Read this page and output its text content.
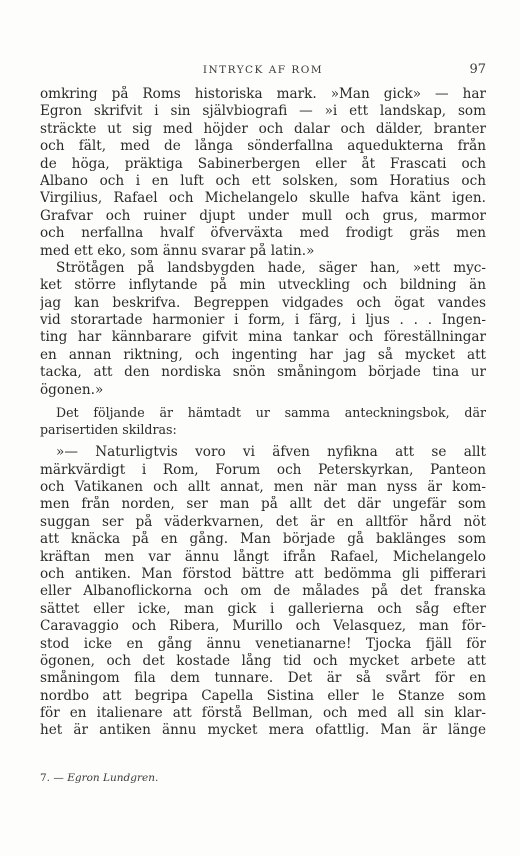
INTRYCK AF ROM	97
omkring på Roms historiska mark. »Man gick» — har
Egron skrifvit i sin självbiografi — »i ett landskap, som
sträckte ut sig med höjder och dalar och dälder, branter
och fält, med de långa sönderfallna aquedukterna från
de höga, präktiga Sabinerbergen eller åt Frascati och
Albano och i en luft och ett solsken, som Horatius och
Virgilius, Rafael och Michelangelo skulle hafva känt igen.
Grafvar och ruiner djupt under mull och grus, marmor
och nerfallna hvalf öfverväxta med frodigt gräs men
med ett eko, som ännu svarar på latin.»
Strötågen på landsbygden hade, säger han, »ett myc-
ket större inflytande på min utveckling och bildning än
jag kan beskrifva. Begreppen vidgades och ögat vandes
vid storartade harmonier i form, i färg, i ljus . . . Ingen-
ting har kännbarare gifvit mina tankar och föreställningar
en annan riktning, och ingenting har jag så mycket att
tacka, att den nordiska snön småningom började tina ur
ögonen.»
Det följande är hämtadt ur samma anteckningsbok, där
parisertiden skildras:
»— Naturligtvis voro vi äfven nyfikna att se allt
märkvärdigt i Rom, Forum och Peterskyrkan, Panteon
och Vatikanen och allt annat, men när man nyss är kom-
men från norden, ser man på allt det där ungefär som
suggan ser på väderkvarnen, det är en alltför hård nöt
att knäcka på en gång. Man började gå baklänges som
kräftan men var ännu långt ifrån Rafael, Michelangelo
och antiken. Man förstod bättre att bedömma gli pifferari
eller Albanoflickorna och om de målades på det franska
sättet eller icke, man gick i gallerierna och såg efter
Caravaggio och Ribera, Murillo och Velasquez, man för-
stod icke en gång ännu venetianarne! Tjocka fjäll för
ögonen, och det kostade lång tid och mycket arbete att
småningom fila dem tunnare. Det är så svårt för en
nordbo att begripa Capella Sistina eller le Stanze som
för en italienare att förstå Bellman, och med all sin klar-
het är antiken ännu mycket mera ofattlig. Man är länge
7. — Egron Lundgren.
